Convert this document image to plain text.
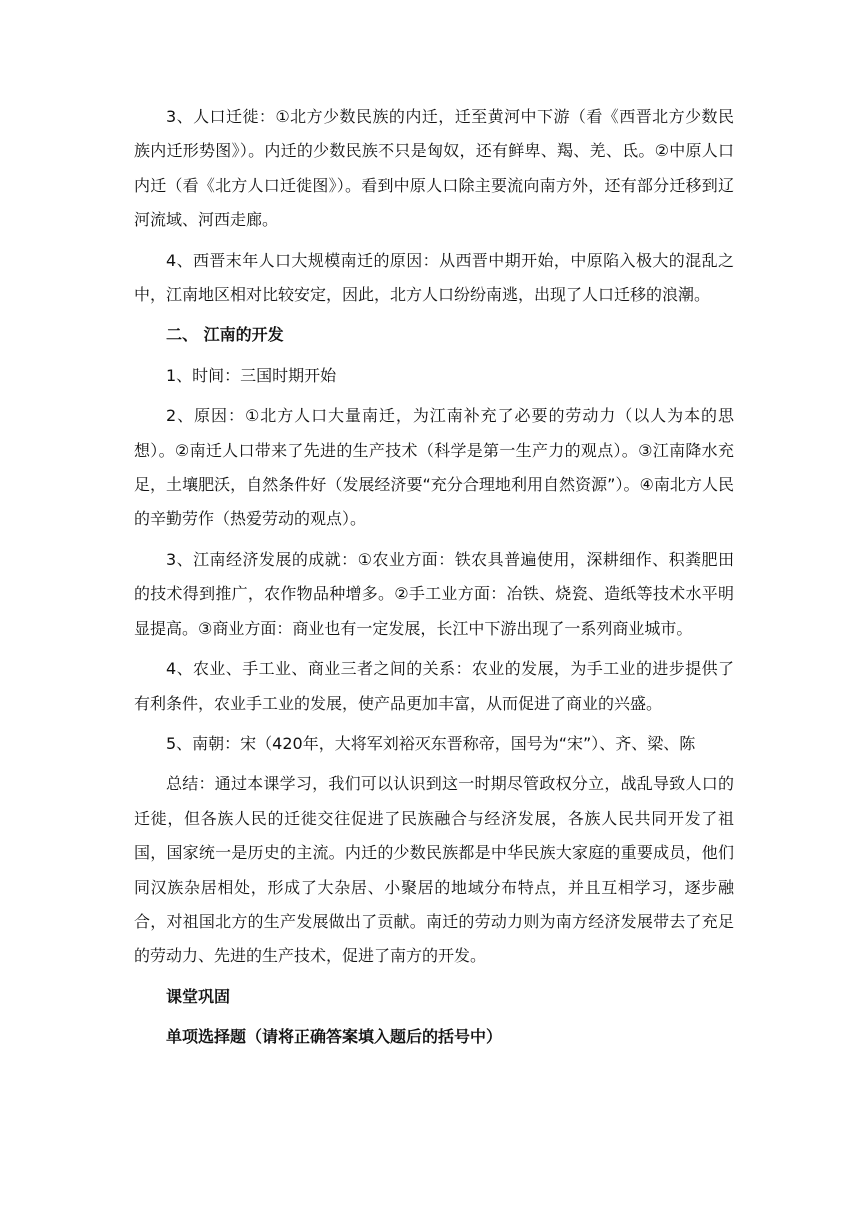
3、人口迁徙：①北方少数民族的内迁，迁至黄河中下游（看《西晋北方少数民族内迁形势图》）。内迁的少数民族不只是匈奴，还有鲜卑、羯、羌、氐。②中原人口内迁（看《北方人口迁徙图》）。看到中原人口除主要流向南方外，还有部分迁移到辽河流域、河西走廊。

4、西晋末年人口大规模南迁的原因：从西晋中期开始，中原陷入极大的混乱之中，江南地区相对比较安定，因此，北方人口纷纷南逃，出现了人口迁移的浪潮。

二、 江南的开发

1、时间：三国时期开始

2、原因：①北方人口大量南迁，为江南补充了必要的劳动力（以人为本的思想）。②南迁人口带来了先进的生产技术（科学是第一生产力的观点）。③江南降水充足，土壤肥沃，自然条件好（发展经济要“充分合理地利用自然资源”）。④南北方人民的辛勤劳作（热爱劳动的观点）。

3、江南经济发展的成就：①农业方面：铁农具普遍使用，深耕细作、积粪肥田的技术得到推广，农作物品种增多。②手工业方面：冶铁、烧瓷、造纸等技术水平明显提高。③商业方面：商业也有一定发展，长江中下游出现了一系列商业城市。

4、农业、手工业、商业三者之间的关系：农业的发展，为手工业的进步提供了有利条件，农业手工业的发展，使产品更加丰富，从而促进了商业的兴盛。

5、南朝：宋（420年，大将军刘裕灭东晋称帝，国号为“宋”）、齐、梁、陈

总结：通过本课学习，我们可以认识到这一时期尽管政权分立，战乱导致人口的迁徙，但各族人民的迁徙交往促进了民族融合与经济发展，各族人民共同开发了祖国，国家统一是历史的主流。内迁的少数民族都是中华民族大家庭的重要成员，他们同汉族杂居相处，形成了大杂居、小聚居的地域分布特点，并且互相学习，逐步融合，对祖国北方的生产发展做出了贡献。南迁的劳动力则为南方经济发展带去了充足的劳动力、先进的生产技术，促进了南方的开发。

课堂巩固

单项选择题（请将正确答案填入题后的括号中）
